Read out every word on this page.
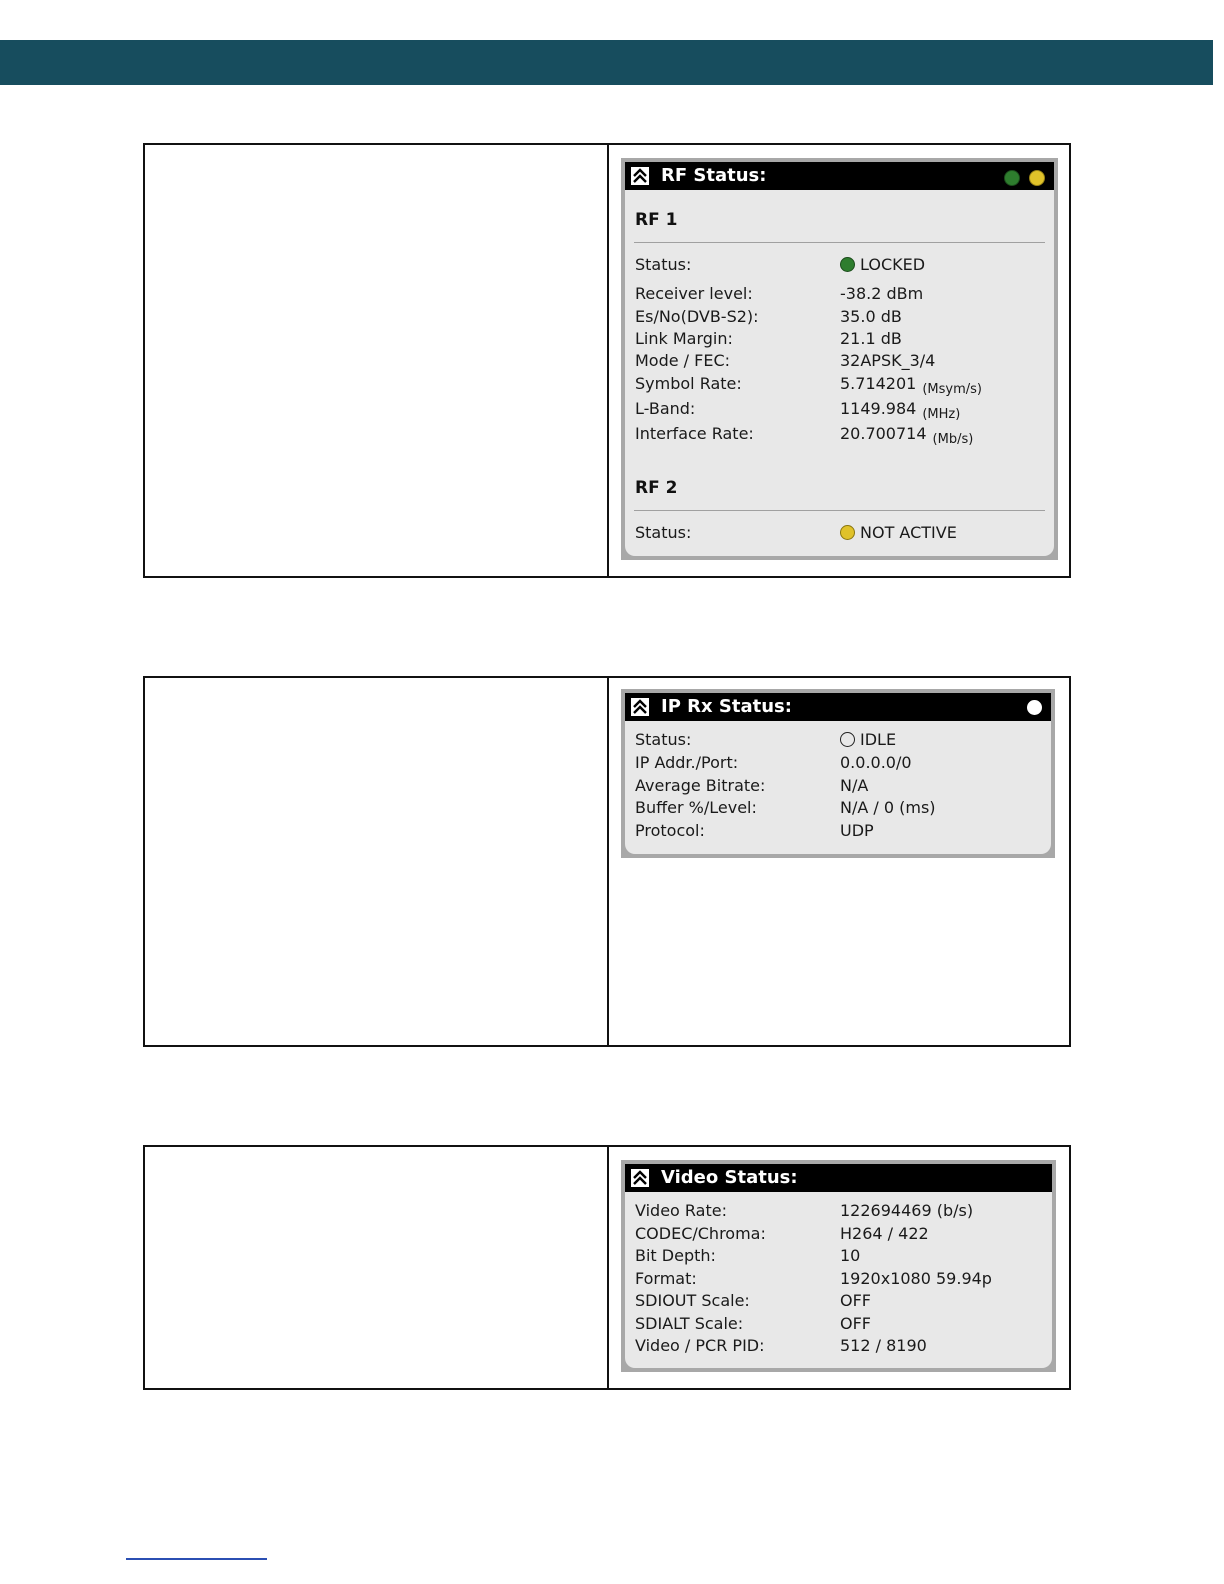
RF Status:
RF 1
Status:	LOCKED
Receiver level:	-38.2 dBm
Es/No(DVB-S2):	35.0 dB
Link Margin:	21.1 dB
Mode / FEC:	32APSK_3/4
Symbol Rate:	5.714201 $_{(Msym/s)}$
L-Band:	1149.984 $_{(MHz)}$
Interface Rate:	20.700714 $_{(Mb/s)}$
RF 2
Status:	NOT ACTIVE
IP Rx Status:
Status:	IDLE
IP Addr./Port:	0.0.0.0/0
Average Bitrate:	N/A
Buffer %/Level:	N/A / 0 (ms)
Protocol:	UDP
Video Status:
Video Rate:	122694469 (b/s)
CODEC/Chroma:	H264 / 422
Bit Depth:	10
Format:	1920x1080 59.94p
SDIOUT Scale:	OFF
SDIALT Scale:	OFF
Video / PCR PID:	512 / 8190
